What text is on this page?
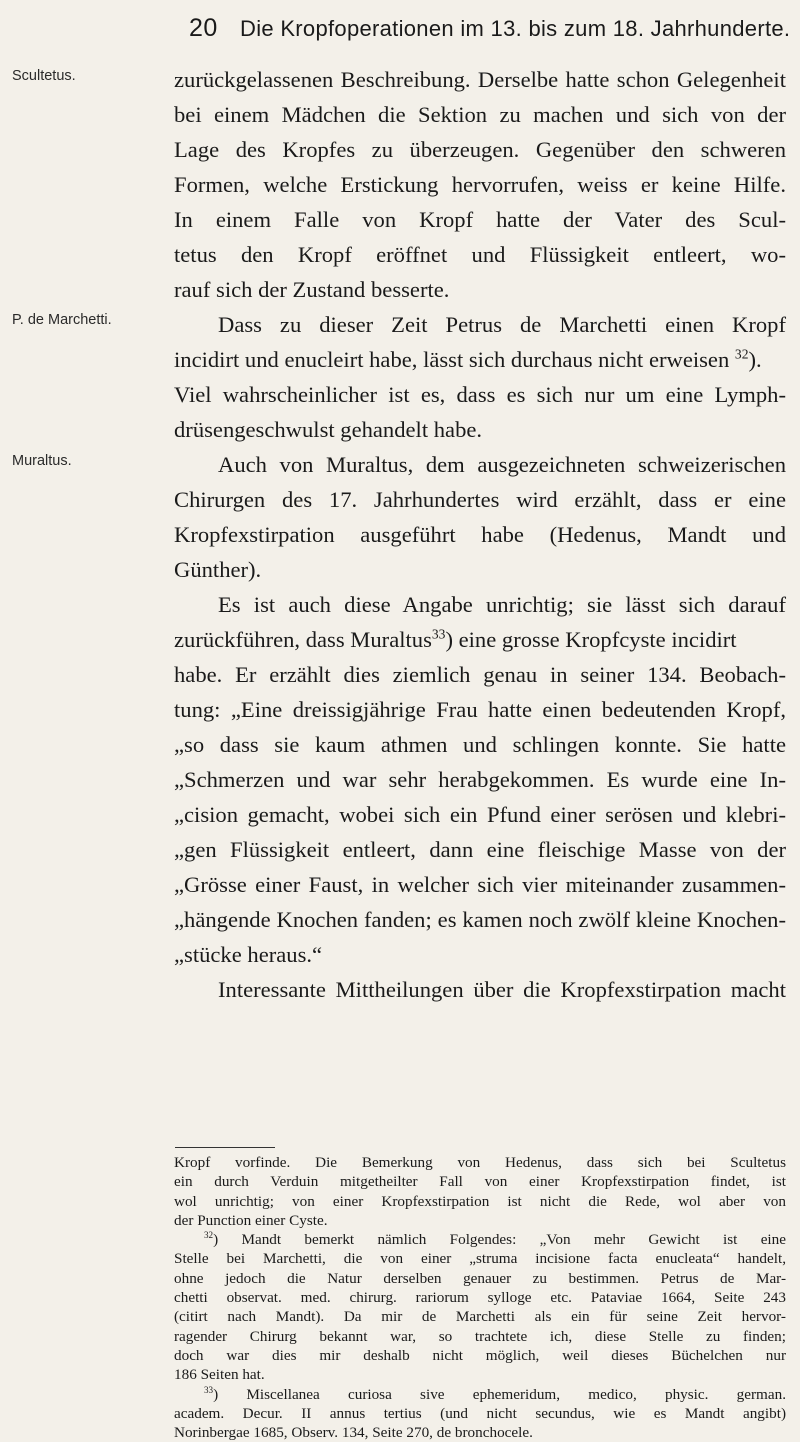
20 Die Kropfoperationen im 13. bis zum 18. Jahrhunderte.
Scultetus.
P. de Marchetti.
Muraltus.
zurückgelassenen Beschreibung. Derselbe hatte schon Gelegenheit
bei einem Mädchen die Sektion zu machen und sich von der
Lage des Kropfes zu überzeugen. Gegenüber den schweren
Formen, welche Erstickung hervorrufen, weiss er keine Hilfe.
In einem Falle von Kropf hatte der Vater des Scul-
tetus den Kropf eröffnet und Flüssigkeit entleert, wo-
rauf sich der Zustand besserte.
Dass zu dieser Zeit Petrus de Marchetti einen Kropf
incidirt und enucleirt habe, lässt sich durchaus nicht erweisen $^{32}$).
Viel wahrscheinlicher ist es, dass es sich nur um eine Lymph-
drüsengeschwulst gehandelt habe.
Auch von Muraltus, dem ausgezeichneten schweizerischen
Chirurgen des 17. Jahrhundertes wird erzählt, dass er eine
Kropfexstirpation ausgeführt habe (Hedenus, Mandt und
Günther).
Es ist auch diese Angabe unrichtig; sie lässt sich darauf
zurückführen, dass Muraltus$^{33}$) eine grosse Kropfcyste incidirt
habe. Er erzählt dies ziemlich genau in seiner 134. Beobach-
tung: „Eine dreissigjährige Frau hatte einen bedeutenden Kropf,
„so dass sie kaum athmen und schlingen konnte. Sie hatte
„Schmerzen und war sehr herabgekommen. Es wurde eine In-
„cision gemacht, wobei sich ein Pfund einer serösen und klebri-
„gen Flüssigkeit entleert, dann eine fleischige Masse von der
„Grösse einer Faust, in welcher sich vier miteinander zusammen-
„hängende Knochen fanden; es kamen noch zwölf kleine Knochen-
„stücke heraus.“
Interessante Mittheilungen über die Kropfexstirpation macht
Kropf vorfinde. Die Bemerkung von Hedenus, dass sich bei Scultetus
ein durch Verduin mitgetheilter Fall von einer Kropfexstirpation findet, ist
wol unrichtig; von einer Kropfexstirpation ist nicht die Rede, wol aber von
der Punction einer Cyste.
$^{32}$) Mandt bemerkt nämlich Folgendes: „Von mehr Gewicht ist eine
Stelle bei Marchetti, die von einer „struma incisione facta enucleata“ handelt,
ohne jedoch die Natur derselben genauer zu bestimmen. Petrus de Mar-
chetti observat. med. chirurg. rariorum sylloge etc. Pataviae 1664, Seite 243
(citirt nach Mandt). Da mir de Marchetti als ein für seine Zeit hervor-
ragender Chirurg bekannt war, so trachtete ich, diese Stelle zu finden;
doch war dies mir deshalb nicht möglich, weil dieses Büchelchen nur
186 Seiten hat.
$^{33}$) Miscellanea curiosa sive ephemeridum, medico, physic. german.
academ. Decur. II annus tertius (und nicht secundus, wie es Mandt angibt)
Norinbergae 1685, Observ. 134, Seite 270, de bronchocele.
